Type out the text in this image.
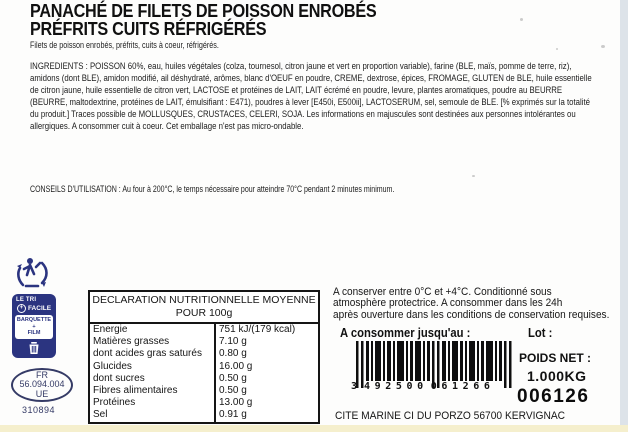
PANACHÉ DE FILETS DE POISSON ENROBÉS
PRÉFRITS CUITS RÉFRIGÉRÉS
Filets de poisson enrobés, préfrits, cuits à coeur, réfrigérés.
INGREDIENTS : POISSON 60%, eau, huiles végétales (colza, tournesol, citron jaune et vert en proportion variable), farine (BLE, maïs, pomme de terre, riz), amidons (dont BLE), amidon modifié, ail déshydraté, arômes, blanc d'OEUF en poudre, CREME, dextrose, épices, FROMAGE, GLUTEN de BLE, huile essentielle de citron jaune, huile essentielle de citron vert, LACTOSE et protéines de LAIT, LAIT écrémé en poudre, levure, plantes aromatiques, poudre au BEURRE (BEURRE, maltodextrine, protéines de LAIT, émulsifiant : E471), poudres à lever [E450i, E500ii], LACTOSERUM, sel, semoule de BLE. [% exprimés sur la totalité du produit.] Traces possible de MOLLUSQUES, CRUSTACES, CELERI, SOJA. Les informations en majuscules sont destinées aux personnes intolérantes ou allergiques. A consommer cuit à coeur. Cet emballage n'est pas micro-ondable.
CONSEILS D'UTILISATION : Au four à 200°C, le temps nécessaire pour atteindre 70°C pendant 2 minutes minimum.
LE TRI
+ FACILE
BARQUETTE
+
FILM
FR
56.094.004
UE
310894
DECLARATION NUTRITIONNELLE MOYENNE
POUR 100g	

Energie	751 kJ/(179 kcal)
Matières grasses	7.10 g
dont acides gras saturés	0.80 g
Glucides	16.00 g
dont sucres	0.50 g
Fibres alimentaires	0.50 g
Protéines	13.00 g
Sel	0.91 g
A conserver entre 0°C et +4°C. Conditionné sous
atmosphère protectrice. A consommer dans les 24h
après ouverture dans les conditions de conservation requises.
A consommer jusqu'au :	Lot :
3 492500 061266
POIDS NET :
1.000KG
006126
CITE MARINE CI DU PORZO 56700 KERVIGNAC
